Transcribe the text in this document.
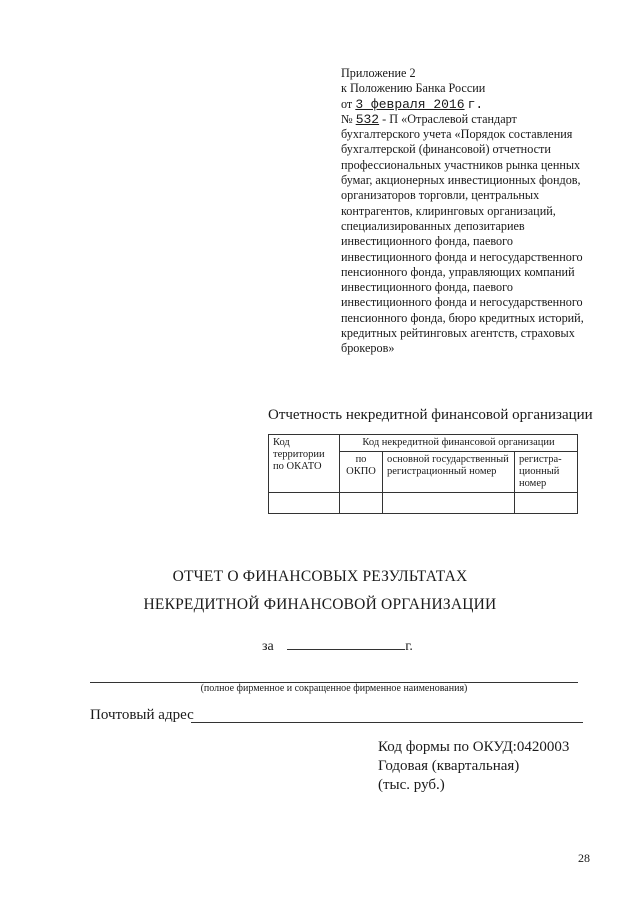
Приложение 2
к Положению Банка России
от 3 февраля 2016 г.
№ 532 - П «Отраслевой стандарт
бухгалтерского учета «Порядок составления
бухгалтерской (финансовой) отчетности
профессиональных участников рынка ценных
бумаг, акционерных инвестиционных фондов,
организаторов торговли, центральных
контрагентов, клиринговых организаций,
специализированных депозитариев
инвестиционного фонда, паевого
инвестиционного фонда и негосударственного
пенсионного фонда, управляющих компаний
инвестиционного фонда, паевого
инвестиционного фонда и негосударственного
пенсионного фонда, бюро кредитных историй,
кредитных рейтинговых агентств, страховых
брокеров»
Отчетность некредитной финансовой организации
Код территории по ОКАТО	Код некредитной финансовой организации		
	по ОКПО	основной государственный регистрационный номер	регистра-ционный номер

ОТЧЕТ О ФИНАНСОВЫХ РЕЗУЛЬТАТАХ
НЕКРЕДИТНОЙ ФИНАНСОВОЙ ОРГАНИЗАЦИИ
за	г.
(полное фирменное и сокращенное фирменное наименования)
Почтовый адрес
Код формы по ОКУД:0420003
Годовая (квартальная)
(тыс. руб.)
28
